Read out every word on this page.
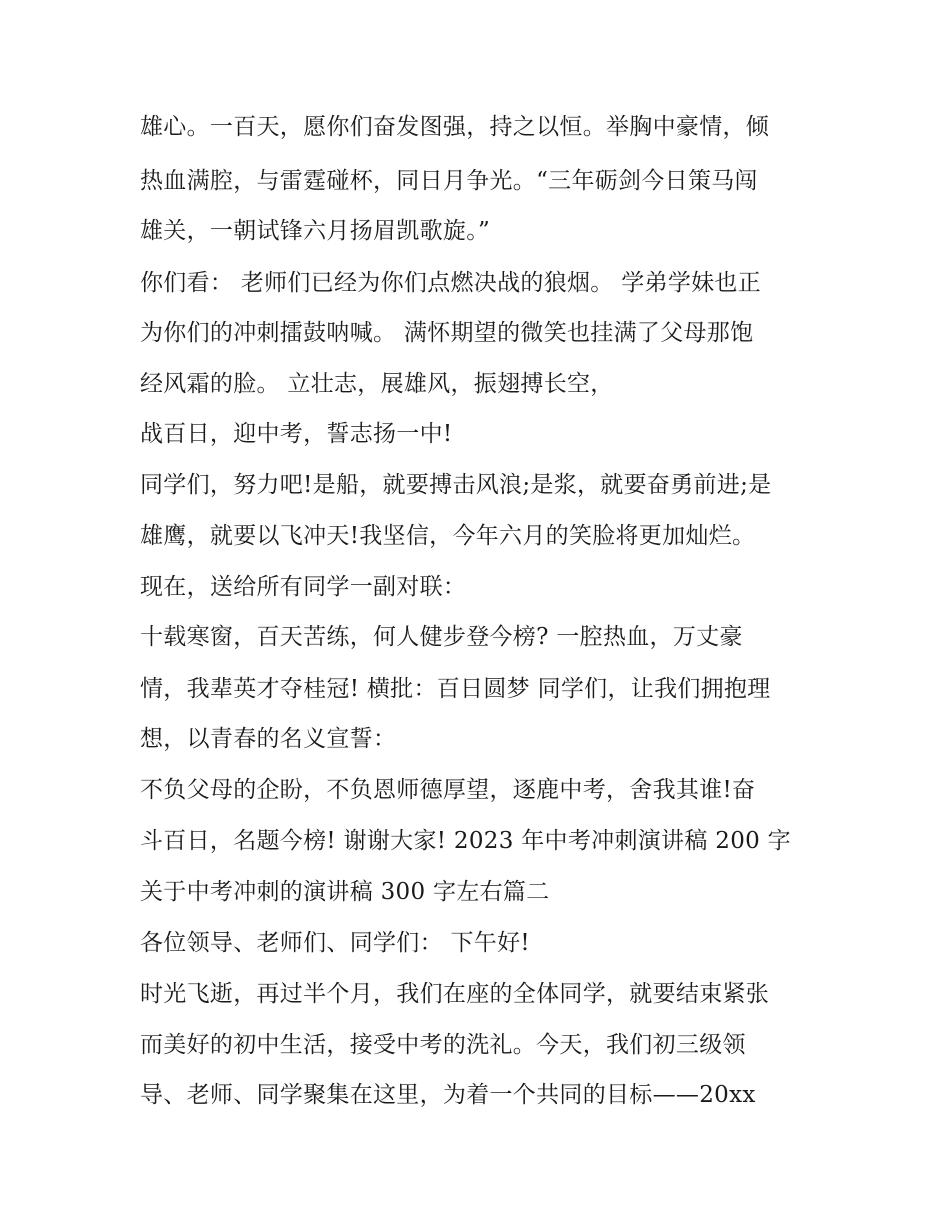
雄心。一百天，愿你们奋发图强，持之以恒。举胸中豪情，倾
热血满腔，与雷霆碰杯，同日月争光。“三年砺剑今日策马闯
雄关，一朝试锋六月扬眉凯歌旋。”
你们看： 老师们已经为你们点燃决战的狼烟。 学弟学妹也正
为你们的冲刺擂鼓呐喊。 满怀期望的微笑也挂满了父母那饱
经风霜的脸。 立壮志，展雄风，振翅搏长空，
战百日，迎中考，誓志扬一中!
同学们，努力吧!是船，就要搏击风浪;是浆，就要奋勇前进;是
雄鹰，就要以飞冲天!我坚信，今年六月的笑脸将更加灿烂。
现在，送给所有同学一副对联：
十载寒窗，百天苦练，何人健步登今榜? 一腔热血，万丈豪
情，我辈英才夺桂冠! 横批：百日圆梦 同学们，让我们拥抱理
想，以青春的名义宣誓：
不负父母的企盼，不负恩师德厚望，逐鹿中考，舍我其谁!奋
斗百日，名题今榜! 谢谢大家! 2023 年中考冲刺演讲稿 200 字
关于中考冲刺的演讲稿 300 字左右篇二
各位领导、老师们、同学们： 下午好!
时光飞逝，再过半个月，我们在座的全体同学，就要结束紧张
而美好的初中生活，接受中考的洗礼。今天，我们初三级领
导、老师、同学聚集在这里，为着一个共同的目标——20xx
